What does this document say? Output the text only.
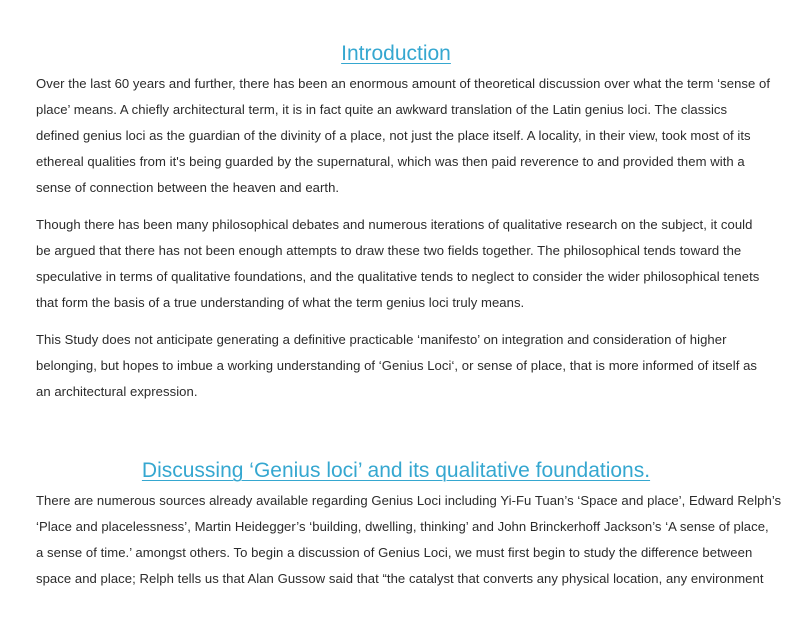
Introduction

Over the last 60 years and further, there has been an enormous amount of theoretical discussion over what the term ‘sense of
place’ means. A chiefly architectural term, it is in fact quite an awkward translation of the Latin genius loci. The classics
defined genius loci as the guardian of the divinity of a place, not just the place itself. A locality, in their view, took most of its
ethereal qualities from it's being guarded by the supernatural, which was then paid reverence to and provided them with a
sense of connection between the heaven and earth.

Though there has been many philosophical debates and numerous iterations of qualitative research on the subject, it could
be argued that there has not been enough attempts to draw these two fields together. The philosophical tends toward the
speculative in terms of qualitative foundations, and the qualitative tends to neglect to consider the wider philosophical tenets
that form the basis of a true understanding of what the term genius loci truly means.

This Study does not anticipate generating a definitive practicable ‘manifesto’ on integration and consideration of higher
belonging, but hopes to imbue a working understanding of ‘Genius Loci‘, or sense of place, that is more informed of itself as
an architectural expression.

Discussing ‘Genius loci’ and its qualitative foundations.

There are numerous sources already available regarding Genius Loci including Yi-Fu Tuan’s ‘Space and place’, Edward Relph’s
‘Place and placelessness’, Martin Heidegger’s ‘building, dwelling, thinking’ and John Brinckerhoff Jackson’s ‘A sense of place,
a sense of time.’ amongst others. To begin a discussion of Genius Loci, we must first begin to study the difference between
space and place; Relph tells us that Alan Gussow said that “the catalyst that converts any physical location, any environment
